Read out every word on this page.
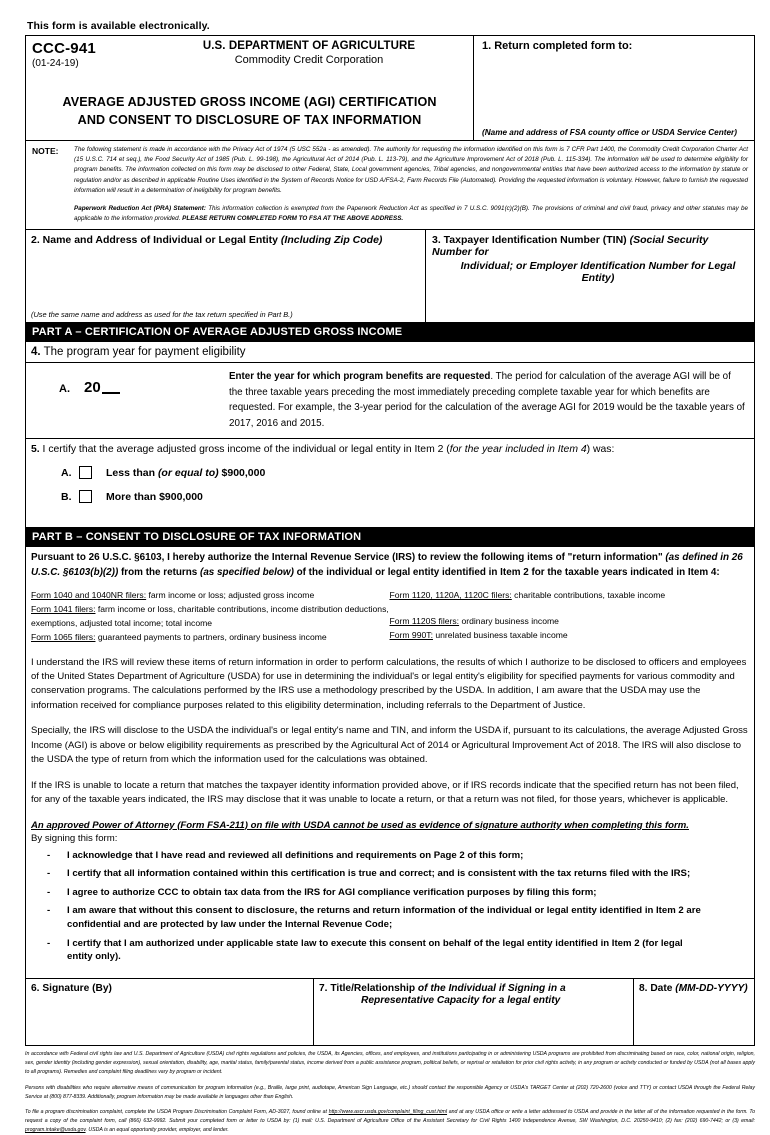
This form is available electronically.
CCC-941
(01-24-19)
U.S. DEPARTMENT OF AGRICULTURE
Commodity Credit Corporation
AVERAGE ADJUSTED GROSS INCOME (AGI) CERTIFICATION
AND CONSENT TO DISCLOSURE OF TAX INFORMATION
1. Return completed form to:
(Name and address of FSA county office or USDA Service Center)
NOTE:	The following statement is made in accordance with the Privacy Act of 1974 (5 USC 552a - as amended). The authority for requesting the information identified on this form is 7 CFR Part 1400, the Commodity Credit Corporation Charter Act (15 U.S.C. 714 et seq.), the Food Security Act of 1985 (Pub. L. 99-198), the Agricultural Act of 2014 (Pub. L. 113-79), and the Agriculture Improvement Act of 2018 (Pub. L. 115-334). The information will be used to determine eligibility for program benefits. The information collected on this form may be disclosed to other Federal, State, Local government agencies, Tribal agencies, and nongovernmental entities that have been authorized access to the information by statute or regulation and/or as described in applicable Routine Uses identified in the System of Records Notice for USD A/FSA-2, Farm Records File (Automated). Providing the requested information is voluntary. However, failure to furnish the requested information will result in a determination of ineligibility for program benefits.
Paperwork Reduction Act (PRA) Statement: This information collection is exempted from the Paperwork Reduction Act as specified in 7 U.S.C. 9091(c)(2)(B). The provisions of criminal and civil fraud, privacy and other statutes may be applicable to the information provided. PLEASE RETURN COMPLETED FORM TO FSA AT THE ABOVE ADDRESS.
2. Name and Address of Individual or Legal Entity (Including Zip Code)
(Use the same name and address as used for the tax return specified in Part B.)
3. Taxpayer Identification Number (TIN) (Social Security Number for
Individual; or Employer Identification Number for Legal Entity)
PART A – CERTIFICATION OF AVERAGE ADJUSTED GROSS INCOME
4. The program year for payment eligibility
A. 20
Enter the year for which program benefits are requested. The period for calculation of the average AGI will be of the three taxable years preceding the most immediately preceding complete taxable year for which benefits are requested. For example, the 3-year period for the calculation of the average AGI for 2019 would be the taxable years of 2017, 2016 and 2015.
5. I certify that the average adjusted gross income of the individual or legal entity in Item 2 (for the year included in Item 4) was:
A.	Less than (or equal to) $900,000
B.	More than $900,000
PART B – CONSENT TO DISCLOSURE OF TAX INFORMATION
Pursuant to 26 U.S.C. §6103, I hereby authorize the Internal Revenue Service (IRS) to review the following items of "return information" (as defined in 26 U.S.C. §6103(b)(2)) from the returns (as specified below) of the individual or legal entity identified in Item 2 for the taxable years indicated in Item 4:
Form 1040 and 1040NR filers: farm income or loss; adjusted gross income
Form 1041 filers: farm income or loss, charitable contributions, income distribution deductions, exemptions, adjusted total income; total income
Form 1065 filers: guaranteed payments to partners, ordinary business income
Form 1120, 1120A, 1120C filers: charitable contributions, taxable income
Form 1120S filers: ordinary business income
Form 990T: unrelated business taxable income
I understand the IRS will review these items of return information in order to perform calculations, the results of which I authorize to be disclosed to officers and employees of the United States Department of Agriculture (USDA) for use in determining the individual's or legal entity's eligibility for specified payments for various commodity and conservation programs. The calculations performed by the IRS use a methodology prescribed by the USDA. In addition, I am aware that the USDA may use the information received for compliance purposes related to this eligibility determination, including referrals to the Department of Justice.
Specially, the IRS will disclose to the USDA the individual's or legal entity's name and TIN, and inform the USDA if, pursuant to its calculations, the average Adjusted Gross Income (AGI) is above or below eligibility requirements as prescribed by the Agricultural Act of 2014 or Agricultural Improvement Act of 2018. The IRS will also disclose to the USDA the type of return from which the information used for the calculations was obtained.
If the IRS is unable to locate a return that matches the taxpayer identity information provided above, or if IRS records indicate that the specified return has not been filed, for any of the taxable years indicated, the IRS may disclose that it was unable to locate a return, or that a return was not filed, for those years, whichever is applicable.
An approved Power of Attorney (Form FSA-211) on file with USDA cannot be used as evidence of signature authority when completing this form.
By signing this form:
-	I acknowledge that I have read and reviewed all definitions and requirements on Page 2 of this form;
-	I certify that all information contained within this certification is true and correct; and is consistent with the tax returns filed with the IRS;
-	I agree to authorize CCC to obtain tax data from the IRS for AGI compliance verification purposes by filing this form;
-	I am aware that without this consent to disclosure, the returns and return information of the individual or legal entity identified in Item 2 are confidential and are protected by law under the Internal Revenue Code;
-	I certify that I am authorized under applicable state law to execute this consent on behalf of the legal entity identified in Item 2 (for legal entity only).
6. Signature (By)	7. Title/Relationship of the Individual if Signing in a
Representative Capacity for a legal entity
8. Date (MM-DD-YYYY)

In accordance with Federal civil rights law and U.S. Department of Agriculture (USDA) civil rights regulations and policies, the USDA, its Agencies, offices, and employees, and institutions participating in or administering USDA programs are prohibited from discriminating based on race, color, national origin, religion, sex, gender identity (including gender expression), sexual orientation, disability, age, marital status, family/parental status, income derived from a public assistance program, political beliefs, or reprisal or retaliation for prior civil rights activity, in any program or activity conducted or funded by USDA (not all bases apply to all programs). Remedies and complaint filing deadlines vary by program or incident.

Persons with disabilities who require alternative means of communication for program information (e.g., Braille, large print, audiotape, American Sign Language, etc.) should contact the responsible Agency or USDA's TARGET Center at (202) 720-2600 (voice and TTY) or contact USDA through the Federal Relay Service at (800) 877-8339. Additionally, program information may be made available in languages other than English.

To file a program discrimination complaint, complete the USDA Program Discrimination Complaint Form, AD-3027, found online at http://www.ascr.usda.gov/complaint_filing_cust.html and at any USDA office or write a letter addressed to USDA and provide in the letter all of the information requested in the form. To request a copy of the complaint form, call (866) 632-9992. Submit your completed form or letter to USDA by: (1) mail: U.S. Department of Agriculture Office of the Assistant Secretary for Civil Rights 1400 Independence Avenue, SW Washington, D.C. 20250-9410; (2) fax: (202) 690-7442; or (3) email: program.intake@usda.gov. USDA is an equal opportunity provider, employer, and lender.
